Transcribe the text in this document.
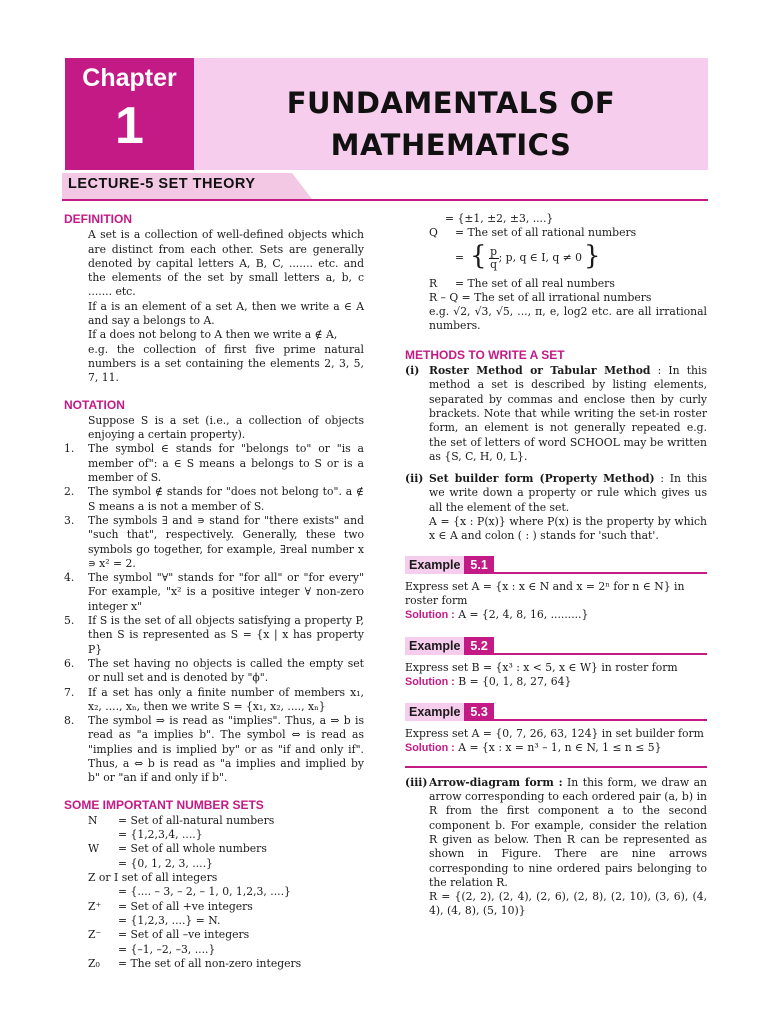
Chapter
1	FUNDAMENTALS OF
MATHEMATICS
LECTURE-5 SET THEORY
DEFINITION
A set is a collection of well-defined objects which are distinct from each other. Sets are generally denoted by capital letters A, B, C, ....... etc. and the elements of the set by small letters a, b, c ....... etc.
If a is an element of a set A, then we write a ∈ A and say a belongs to A.
If a does not belong to A then we write a ∉ A,
e.g. the collection of first five prime natural numbers is a set containing the elements 2, 3, 5, 7, 11.
NOTATION
Suppose S is a set (i.e., a collection of objects enjoying a certain property).
1.	The symbol ∈ stands for "belongs to" or "is a member of": a ∈ S means a belongs to S or is a member of S.
2.	The symbol ∉ stands for "does not belong to". a ∉ S means a is not a member of S.
3.	The symbols ∃ and ∍ stand for "there exists" and "such that", respectively. Generally, these two symbols go together, for example, ∃real number x ∍ x² = 2.
4.	The symbol "∀" stands for "for all" or "for every" For example, "x² is a positive integer ∀ non-zero integer x"
5.	If S is the set of all objects satisfying a property P, then S is represented as S = {x | x has property P}
6.	The set having no objects is called the empty set or null set and is denoted by "ϕ".
7.	If a set has only a finite number of members x₁, x₂, ...., xₙ, then we write S = {x₁, x₂, ...., xₙ}
8.	The symbol ⇒ is read as "implies". Thus, a ⇒ b is read as "a implies b". The symbol ⇔ is read as "implies and is implied by" or as "if and only if". Thus, a ⇔ b is read as "a implies and implied by b" or "an if and only if b".
SOME IMPORTANT NUMBER SETS
N	= Set of all-natural numbers
= {1,2,3,4, ....}
W	= Set of all whole numbers
= {0, 1, 2, 3, ....}
Z or I set of all integers
= {.... – 3, – 2, – 1, 0, 1,2,3, ....}
Z⁺	= Set of all +ve integers
= {1,2,3, ....} = N.
Z⁻	= Set of all –ve integers
= {–1, –2, –3, ....}
Z₀	= The set of all non-zero integers
= {±1, ±2, ±3, ....}
Q	= The set of all rational numbers
= { p
q
; p, q ∈ I, q ≠ 0 }
R	= The set of all real numbers
R – Q = The set of all irrational numbers
e.g. √2, √3, √5, ..., π, e, log2 etc. are all irrational numbers.
METHODS TO WRITE A SET
(i) Roster Method or Tabular Method : In this method a set is described by listing elements, separated by commas and enclose then by curly brackets. Note that while writing the set-in roster form, an element is not generally repeated e.g. the set of letters of word SCHOOL may be written as {S, C, H, 0, L}.
(ii) Set builder form (Property Method) : In this we write down a property or rule which gives us all the element of the set.
A = {x : P(x)} where P(x) is the property by which x ∈ A and colon ( : ) stands for 'such that'.
Example 5.1
Express set A = {x : x ∈ N and x = 2ⁿ for n ∈ N} in roster form
Solution : A = {2, 4, 8, 16, .........}
Example 5.2
Express set B = {x³ : x < 5, x ∈ W} in roster form
Solution : B = {0, 1, 8, 27, 64}
Example 5.3
Express set A = {0, 7, 26, 63, 124} in set builder form
Solution : A = {x : x = n³ – 1, n ∈ N, 1 ≤ n ≤ 5}
(iii) Arrow-diagram form : In this form, we draw an arrow corresponding to each ordered pair (a, b) in R from the first component a to the second component b. For example, consider the relation R given as below. Then R can be represented as shown in Figure. There are nine arrows corresponding to nine ordered pairs belonging to the relation R.
R = {(2, 2), (2, 4), (2, 6), (2, 8), (2, 10), (3, 6), (4, 4), (4, 8), (5, 10)}
